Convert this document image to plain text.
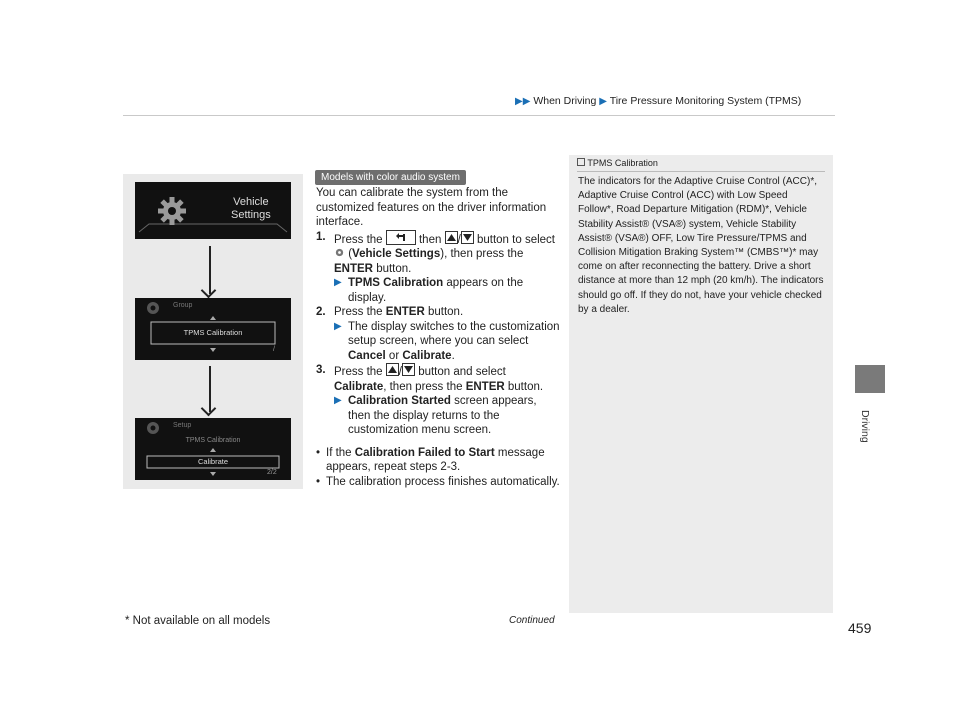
▶▶ When Driving ▶ Tire Pressure Monitoring System (TPMS)
Driving
Vehicle
Settings
Group
TPMS Calibration
/
Setup
TPMS Calibration
Calibrate
2/2
Models with color audio system
You can calibrate the system from the customized features on the driver information interface.
1. Press the	then / button to select
(Vehicle Settings), then press the ENTER button.
▶ TPMS Calibration appears on the display.
2. Press the ENTER button.
▶ The display switches to the customization setup screen, where you can select Cancel or Calibrate.
3. Press the / button and select Calibrate, then press the ENTER button.
▶ Calibration Started screen appears, then the display returns to the customization menu screen.
• If the Calibration Failed to Start message appears, repeat steps 2-3.
• The calibration process finishes automatically.
TPMS Calibration
The indicators for the Adaptive Cruise Control (ACC)*, Adaptive Cruise Control (ACC) with Low Speed Follow*, Road Departure Mitigation (RDM)*, Vehicle Stability Assist® (VSA®) system, Vehicle Stability Assist® (VSA®) OFF, Low Tire Pressure/TPMS and Collision Mitigation Braking System™ (CMBS™)* may come on after reconnecting the battery. Drive a short distance at more than 12 mph (20 km/h). The indicators should go off. If they do not, have your vehicle checked by a dealer.
* Not available on all models	Continued	459
